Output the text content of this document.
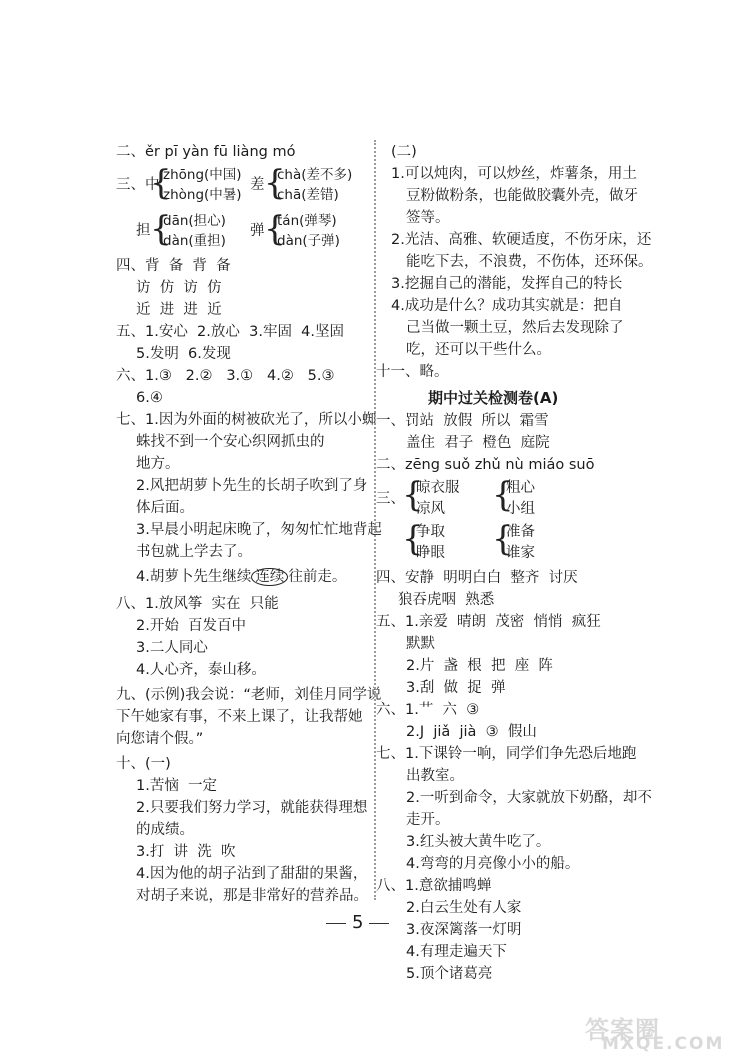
二、ěr pī yàn fū liàng mó
三、中
{
zhōng(中国)
zhòng(中暑)
差 {
chà(差不多)
chā(差错)
担 {
dān(担心)
dàn(重担)
弹 {
tán(弹琴)
dàn(子弹)
四、背  备  背  备
访  仿  访  仿
近  进  进  近
五、1.安心  2.放心  3.牢固  4.坚固
5.发明  6.发现
六、1.③   2.②   3.①   4.②   5.③
6.④
七、1.因为外面的树被砍光了，所以小蜘
蛛找不到一个安心织网抓虫的
地方。
2.风把胡萝卜先生的长胡子吹到了身
体后面。
3.早晨小明起床晚了，匆匆忙忙地背起
书包就上学去了。
4.胡萝卜先生继续 连续 往前走。
八、1.放风筝  实在  只能
2.开始  百发百中
3.二人同心
4.人心齐，泰山移。
九、(示例)我会说：“老师，刘佳月同学说
下午她家有事，不来上课了，让我帮她
向您请个假。”
十、(一)
1.苦恼  一定
2.只要我们努力学习，就能获得理想
的成绩。
3.打  讲  洗  吹
4.因为他的胡子沾到了甜甜的果酱，
对胡子来说，那是非常好的营养品。
(二)
1.可以炖肉，可以炒丝，炸薯条，用土
豆粉做粉条，也能做胶囊外壳，做牙
签等。
2.光洁、高雅、软硬适度，不伤牙床，还
能吃下去，不浪费，不伤体，还环保。
3.挖掘自己的潜能，发挥自己的特长
4.成功是什么？成功其实就是：把自
己当做一颗土豆，然后去发现除了
吃，还可以干些什么。
十一、略。
期中过关检测卷(A)
一、罚站  放假  所以  霜雪
盖住  君子  橙色  庭院
二、zēng suǒ zhǔ nù miáo suō
三、
{
晾衣服
凉风 {
粗心
小组
{
争取
睁眼 {
准备
谁家
四、安静  明明白白  整齐  讨厌
狼吞虎咽  熟悉
五、1.亲爱  晴朗  茂密  悄悄  疯狂
默默
2.片  盏  根  把  座  阵
3.刮  做  捉  弹
六、1.艹  六  ③
2.J  jiǎ  jià  ③  假山
七、1.下课铃一响，同学们争先恐后地跑
出教室。
2.一听到命令，大家就放下奶酪，却不
走开。
3.红头被大黄牛吃了。
4.弯弯的月亮像小小的船。
八、1.意欲捕鸣蝉
2.白云生处有人家
3.夜深篱落一灯明
4.有理走遍天下
5.顶个诸葛亮
5
答案圈
MXQE.COM
